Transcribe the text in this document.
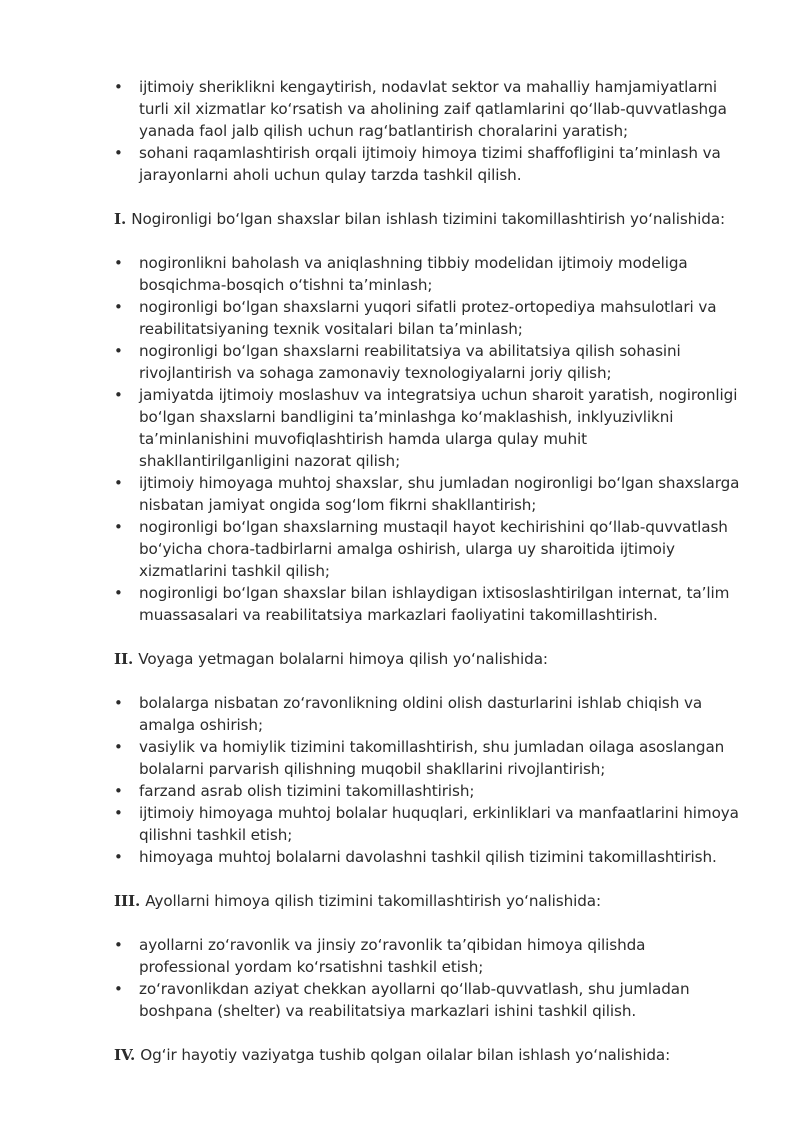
• ijtimoiy sheriklikni kengaytirish, nodavlat sektor va mahalliy hamjamiyatlarni turli xil xizmatlar ko‘rsatish va aholining zaif qatlamlarini qo‘llab-quvvatlashga yanada faol jalb qilish uchun rag‘batlantirish choralarini yaratish;
• sohani raqamlashtirish orqali ijtimoiy himoya tizimi shaffofligini ta’minlash va jarayonlarni aholi uchun qulay tarzda tashkil qilish.
I. Nogironligi bo‘lgan shaxslar bilan ishlash tizimini takomillashtirish yo‘nalishida:
• nogironlikni baholash va aniqlashning tibbiy modelidan ijtimoiy modeliga bosqichma-bosqich o‘tishni ta’minlash;
• nogironligi bo‘lgan shaxslarni yuqori sifatli protez-ortopediya mahsulotlari va reabilitatsiyaning texnik vositalari bilan ta’minlash;
• nogironligi bo‘lgan shaxslarni reabilitatsiya va abilitatsiya qilish sohasini rivojlantirish va sohaga zamonaviy texnologiyalarni joriy qilish;
• jamiyatda ijtimoiy moslashuv va integratsiya uchun sharoit yaratish, nogironligi bo‘lgan shaxslarni bandligini ta’minlashga ko‘maklashish, inklyuzivlikni ta’minlanishini muvofiqlashtirish hamda ularga qulay muhit shakllantirilganligini nazorat qilish;
• ijtimoiy himoyaga muhtoj shaxslar, shu jumladan nogironligi bo‘lgan shaxslarga nisbatan jamiyat ongida sog‘lom fikrni shakllantirish;
• nogironligi bo‘lgan shaxslarning mustaqil hayot kechirishini qo‘llab-quvvatlash bo‘yicha chora-tadbirlarni amalga oshirish, ularga uy sharoitida ijtimoiy xizmatlarini tashkil qilish;
• nogironligi bo‘lgan shaxslar bilan ishlaydigan ixtisoslashtirilgan internat, ta’lim muassasalari va reabilitatsiya markazlari faoliyatini takomillashtirish.
II. Voyaga yetmagan bolalarni himoya qilish yo‘nalishida:
• bolalarga nisbatan zo‘ravonlikning oldini olish dasturlarini ishlab chiqish va amalga oshirish;
• vasiylik va homiylik tizimini takomillashtirish, shu jumladan oilaga asoslangan bolalarni parvarish qilishning muqobil shakllarini rivojlantirish;
• farzand asrab olish tizimini takomillashtirish;
• ijtimoiy himoyaga muhtoj bolalar huquqlari, erkinliklari va manfaatlarini himoya qilishni tashkil etish;
• himoyaga muhtoj bolalarni davolashni tashkil qilish tizimini takomillashtirish.
III. Ayollarni himoya qilish tizimini takomillashtirish yo‘nalishida:
• ayollarni zo‘ravonlik va jinsiy zo‘ravonlik ta’qibidan himoya qilishda professional yordam ko‘rsatishni tashkil etish;
• zo‘ravonlikdan aziyat chekkan ayollarni qo‘llab-quvvatlash, shu jumladan boshpana (shelter) va reabilitatsiya markazlari ishini tashkil qilish.
IV. Og‘ir hayotiy vaziyatga tushib qolgan oilalar bilan ishlash yo‘nalishida:
